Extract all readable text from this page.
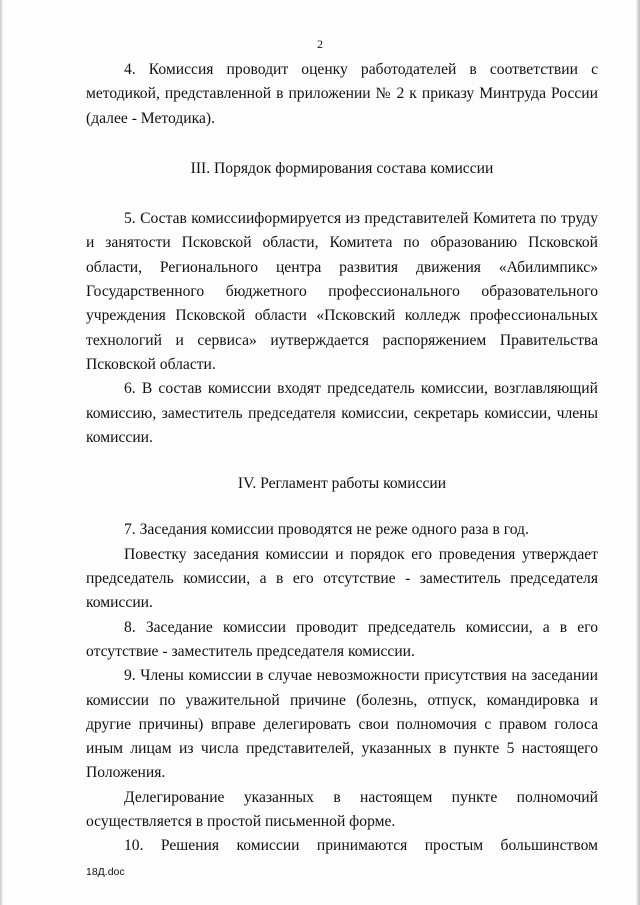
2

4. Комиссия проводит оценку работодателей в соответствии с методикой, представленной в приложении № 2 к приказу Минтруда России (далее - Методика).

III. Порядок формирования состава комиссии

5. Состав комиссииформируется из представителей Комитета по труду и занятости Псковской области, Комитета по образованию Псковской области, Регионального центра развития движения «Абилимпикс» Государственного бюджетного профессионального образовательного учреждения Псковской области «Псковский колледж профессиональных технологий и сервиса» иутверждается распоряжением Правительства Псковской области.

6. В состав комиссии входят председатель комиссии, возглавляющий комиссию, заместитель председателя комиссии, секретарь комиссии, члены комиссии.

IV. Регламент работы комиссии

7. Заседания комиссии проводятся не реже одного раза в год.

Повестку заседания комиссии и порядок его проведения утверждает председатель комиссии, а в его отсутствие - заместитель председателя комиссии.

8. Заседание комиссии проводит председатель комиссии, а в его отсутствие - заместитель председателя комиссии.

9. Члены комиссии в случае невозможности присутствия на заседании комиссии по уважительной причине (болезнь, отпуск, командировка и другие причины) вправе делегировать свои полномочия с правом голоса иным лицам из числа представителей, указанных в пункте 5 настоящего Положения.

Делегирование указанных в настоящем пункте полномочий осуществляется в простой письменной форме.

10. Решения комиссии принимаются простым большинством

18Д.doc
